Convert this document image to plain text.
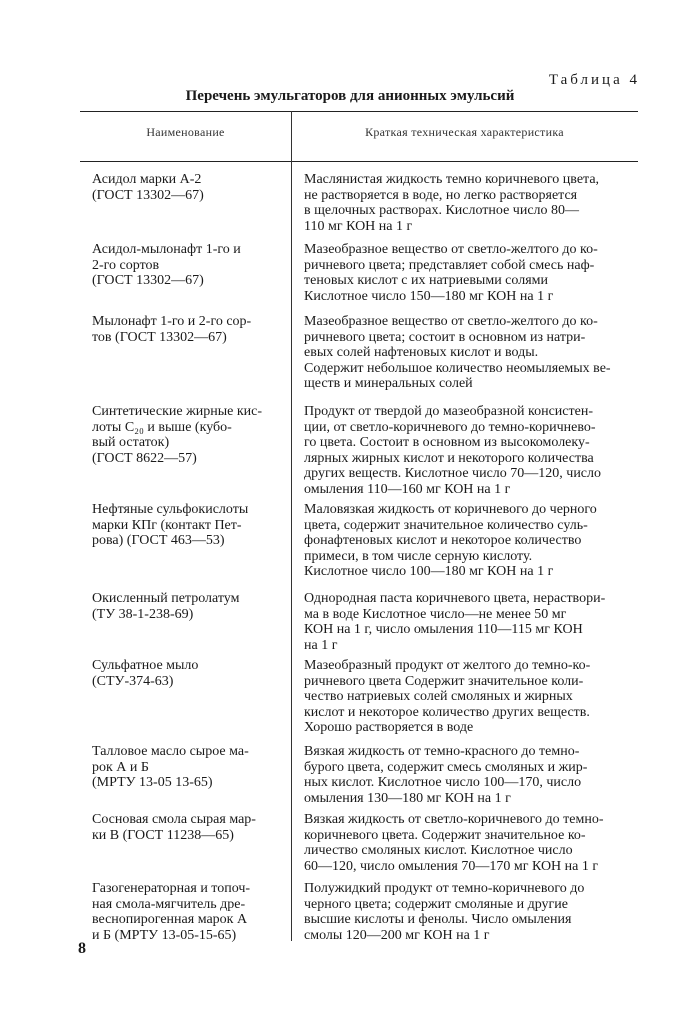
Таблица 4
Перечень эмульгаторов для анионных эмульсий
Наименование	Краткая техническая характеристика
Асидол марки А-2
(ГОСТ 13302—67)
Маслянистая жидкость темно коричневого цвета,
не растворяется в воде, но легко растворяется
в щелочных растворах. Кислотное число 80—
110 мг КОН на 1 г
Асидол-мылонафт 1-го и
2-го сортов
(ГОСТ 13302—67)
Мазеобразное вещество от светло-желтого до ко-
ричневого цвета; представляет собой смесь наф-
теновых кислот с их натриевыми солями
Кислотное число 150—180 мг КОН на 1 г
Мылонафт 1-го и 2-го сор-
тов (ГОСТ 13302—67)
Мазеобразное вещество от светло-желтого до ко-
ричневого цвета; состоит в основном из натри-
евых солей нафтеновых кислот и воды.
Содержит небольшое количество неомыляемых ве-
ществ и минеральных солей
Синтетические жирные кис-
лоты C₂₀ и выше (кубо-
вый остаток)
(ГОСТ 8622—57)
Продукт от твердой до мазеобразной консистен-
ции, от светло-коричневого до темно-коричнево-
го цвета. Состоит в основном из высокомолеку-
лярных жирных кислот и некоторого количества
других веществ. Кислотное число 70—120, число
омыления 110—160 мг КОН на 1 г
Нефтяные сульфокислоты
марки КПг (контакт Пет-
рова) (ГОСТ 463—53)
Маловязкая жидкость от коричневого до черного
цвета, содержит значительное количество суль-
фонафтеновых кислот и некоторое количество
примеси, в том числе серную кислоту.
Кислотное число 100—180 мг КОН на 1 г
Окисленный петролатум
(ТУ 38-1-238-69)
Однородная паста коричневого цвета, нераствори-
ма в воде Кислотное число—не менее 50 мг
КОН на 1 г, число омыления 110—115 мг КОН
на 1 г
Сульфатное мыло
(СТУ-374-63)
Мазеобразный продукт от желтого до темно-ко-
ричневого цвета Содержит значительное коли-
чество натриевых солей смоляных и жирных
кислот и некоторое количество других веществ.
Хорошо растворяется в воде
Талловое масло сырое ма-
рок А и Б
(МРТУ 13-05 13-65)
Вязкая жидкость от темно-красного до темно-
бурого цвета, содержит смесь смоляных и жир-
ных кислот. Кислотное число 100—170, число
омыления 130—180 мг КОН на 1 г
Сосновая смола сырая мар-
ки В (ГОСТ 11238—65)
Вязкая жидкость от светло-коричневого до темно-
коричневого цвета. Содержит значительное ко-
личество смоляных кислот. Кислотное число
60—120, число омыления 70—170 мг КОН на 1 г
Газогенераторная и топоч-
ная смола-мягчитель дре-
веснопирогенная марок А
и Б (МРТУ 13-05-15-65)
Полужидкий продукт от темно-коричневого до
черного цвета; содержит смоляные и другие
высшие кислоты и фенолы. Число омыления
смолы 120—200 мг КОН на 1 г
8
